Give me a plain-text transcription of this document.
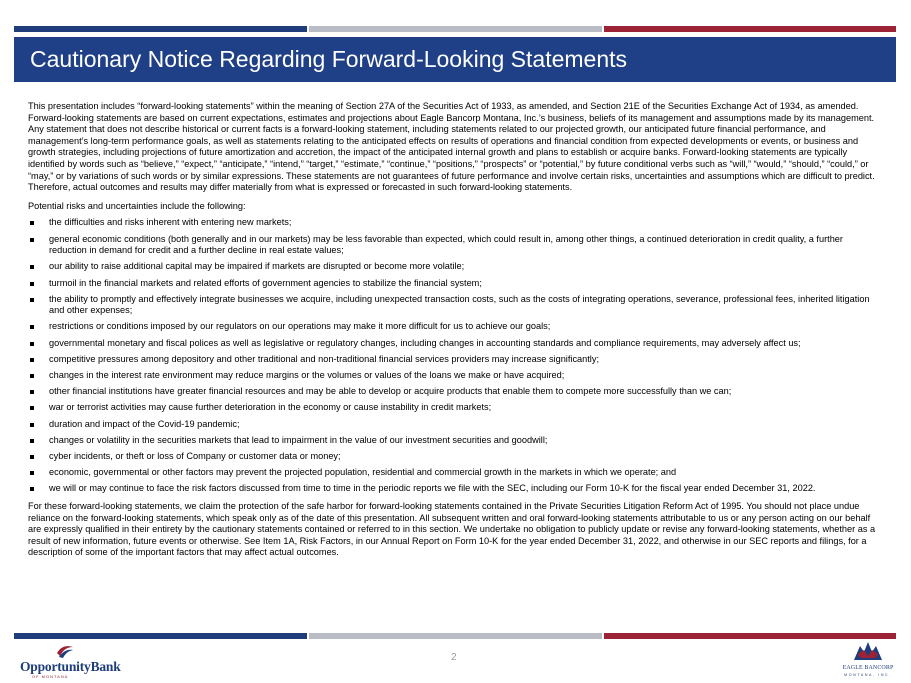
Cautionary Notice Regarding Forward-Looking Statements

This presentation includes “forward-looking statements” within the meaning of Section 27A of the Securities Act of 1933, as amended, and Section 21E of the Securities Exchange Act of 1934, as amended. Forward-looking statements are based on current expectations, estimates and projections about Eagle Bancorp Montana, Inc.’s business, beliefs of its management and assumptions made by its management. Any statement that does not describe historical or current facts is a forward-looking statement, including statements related to our projected growth, our anticipated future financial performance, and management’s long-term performance goals, as well as statements relating to the anticipated effects on results of operations and financial condition from expected developments or events, or business and growth strategies, including projections of future amortization and accretion, the impact of the anticipated internal growth and plans to establish or acquire banks. Forward-looking statements are typically identified by words such as “believe,” “expect,” “anticipate,” “intend,” “target,” “estimate,” “continue,” “positions,” “prospects” or “potential,” by future conditional verbs such as “will,” “would,” “should,” “could,” or “may,” or by variations of such words or by similar expressions. These statements are not guarantees of future performance and involve certain risks, uncertainties and assumptions which are difficult to predict. Therefore, actual outcomes and results may differ materially from what is expressed or forecasted in such forward-looking statements.

Potential risks and uncertainties include the following:

the difficulties and risks inherent with entering new markets;
general economic conditions (both generally and in our markets) may be less favorable than expected, which could result in, among other things, a continued deterioration in credit quality, a further reduction in demand for credit and a further decline in real estate values;
our ability to raise additional capital may be impaired if markets are disrupted or become more volatile;
turmoil in the financial markets and related efforts of government agencies to stabilize the financial system;
the ability to promptly and effectively integrate businesses we acquire, including unexpected transaction costs, such as the costs of integrating operations, severance, professional fees, inherited litigation and other expenses;
restrictions or conditions imposed by our regulators on our operations may make it more difficult for us to achieve our goals;
governmental monetary and fiscal polices as well as legislative or regulatory changes, including changes in accounting standards and compliance requirements, may adversely affect us;
competitive pressures among depository and other traditional and non-traditional financial services providers may increase significantly;
changes in the interest rate environment may reduce margins or the volumes or values of the loans we make or have acquired;
other financial institutions have greater financial resources and may be able to develop or acquire products that enable them to compete more successfully than we can;
war or terrorist activities may cause further deterioration in the economy or cause instability in credit markets;
duration and impact of the Covid-19 pandemic;
changes or volatility in the securities markets that lead to impairment in the value of our investment securities and goodwill;
cyber incidents, or theft or loss of Company or customer data or money;
economic, governmental or other factors may prevent the projected population, residential and commercial growth in the markets in which we operate; and
we will or may continue to face the risk factors discussed from time to time in the periodic reports we file with the SEC, including our Form 10-K for the fiscal year ended December 31, 2022.

For these forward-looking statements, we claim the protection of the safe harbor for forward-looking statements contained in the Private Securities Litigation Reform Act of 1995. You should not place undue reliance on the forward-looking statements, which speak only as of the date of this presentation. All subsequent written and oral forward-looking statements attributable to us or any person acting on our behalf are expressly qualified in their entirety by the cautionary statements contained or referred to in this section. We undertake no obligation to publicly update or revise any forward-looking statements, whether as a result of new information, future events or otherwise. See Item 1A, Risk Factors, in our Annual Report on Form 10-K for the year ended December 31, 2022, and otherwise in our SEC reports and filings, for a description of some of the important factors that may affect actual outcomes.

OpportunityBank
OF MONTANA
2
EAGLE BANCORP
MONTANA, INC.
